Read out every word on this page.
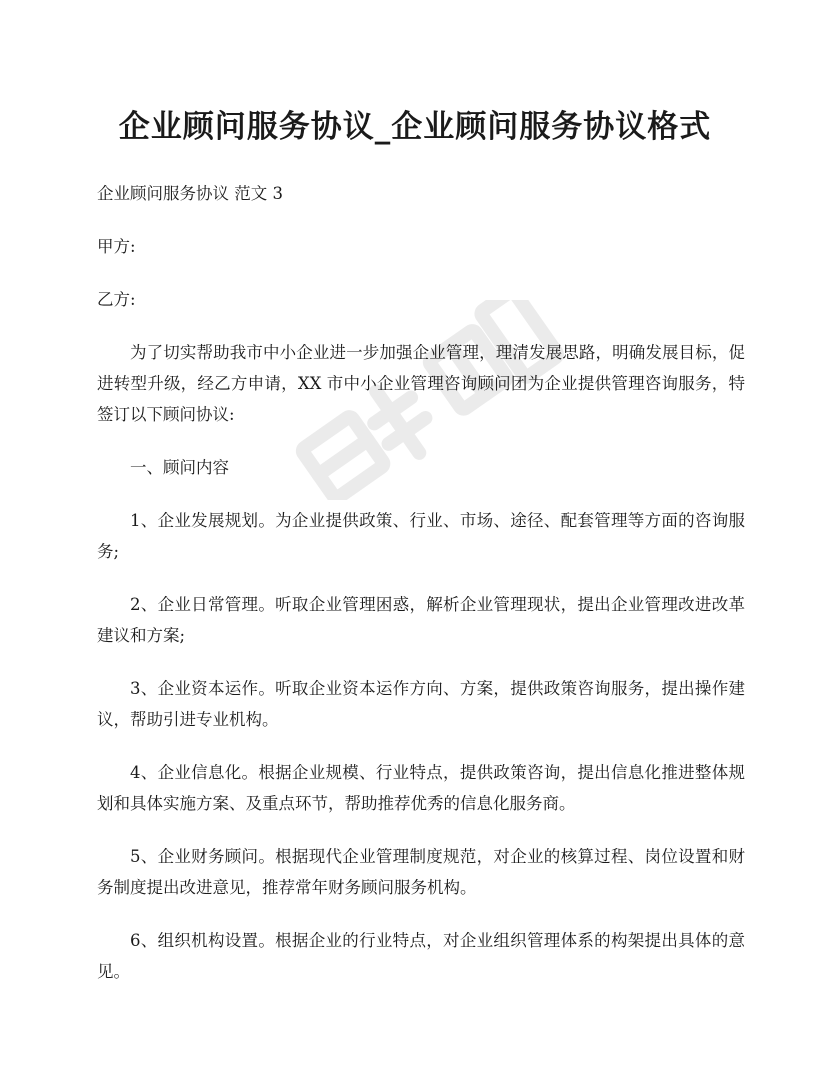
企业顾问服务协议_企业顾问服务协议格式

企业顾问服务协议 范文 3

甲方:

乙方:

为了切实帮助我市中小企业进一步加强企业管理，理清发展思路，明确发展目标，促进转型升级，经乙方申请，XX 市中小企业管理咨询顾问团为企业提供管理咨询服务，特签订以下顾问协议:

一、顾问内容

1、企业发展规划。为企业提供政策、行业、市场、途径、配套管理等方面的咨询服务;

2、企业日常管理。听取企业管理困惑，解析企业管理现状，提出企业管理改进改革建议和方案;

3、企业资本运作。听取企业资本运作方向、方案，提供政策咨询服务，提出操作建议，帮助引进专业机构。

4、企业信息化。根据企业规模、行业特点，提供政策咨询，提出信息化推进整体规划和具体实施方案、及重点环节，帮助推荐优秀的信息化服务商。

5、企业财务顾问。根据现代企业管理制度规范，对企业的核算过程、岗位设置和财务制度提出改进意见，推荐常年财务顾问服务机构。

6、组织机构设置。根据企业的行业特点，对企业组织管理体系的构架提出具体的意见。
